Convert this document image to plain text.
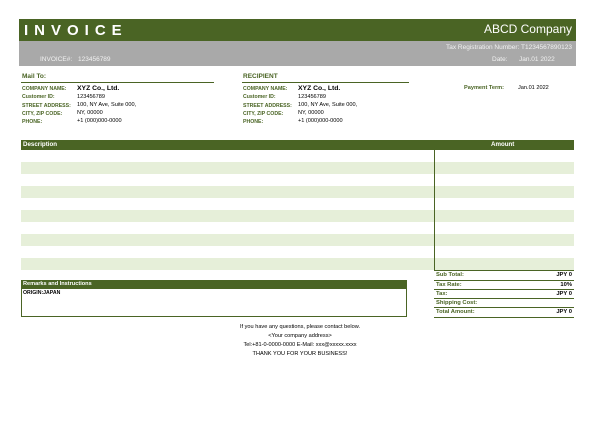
INVOICE	ABCD Company
Tax Registration Number: T1234567890123
INVOICE#: 123456789	Date: Jan.01 2022
Mail To:
COMPANY NAME: XYZ Co., Ltd.
Customer ID:	123456789
STREET ADDRESS: 100, NY Ave, Suite 000,
CITY, ZIP CODE:	NY, 00000
PHONE:	+1 (000)000-0000
RECIPIENT
COMPANY NAME: XYZ Co., Ltd.
Customer ID:	123456789
STREET ADDRESS: 100, NY Ave, Suite 000,
CITY, ZIP CODE:	NY, 00000
PHONE:	+1 (000)000-0000
Payment Term:	Jan.01 2022
Description	Amount
Remarks and Instructions
ORIGIN:JAPAN
Sub Total:	JPY 0
Tax Rate:	10%
Tax:	JPY 0
Shipping Cost:
Total Amount:	JPY 0
If you have any questions, please contact below.
<Your company address>
Tel:+81-0-0000-0000 E-Mail: xxx@xxxxx.xxxx
THANK YOU FOR YOUR BUSINESS!
